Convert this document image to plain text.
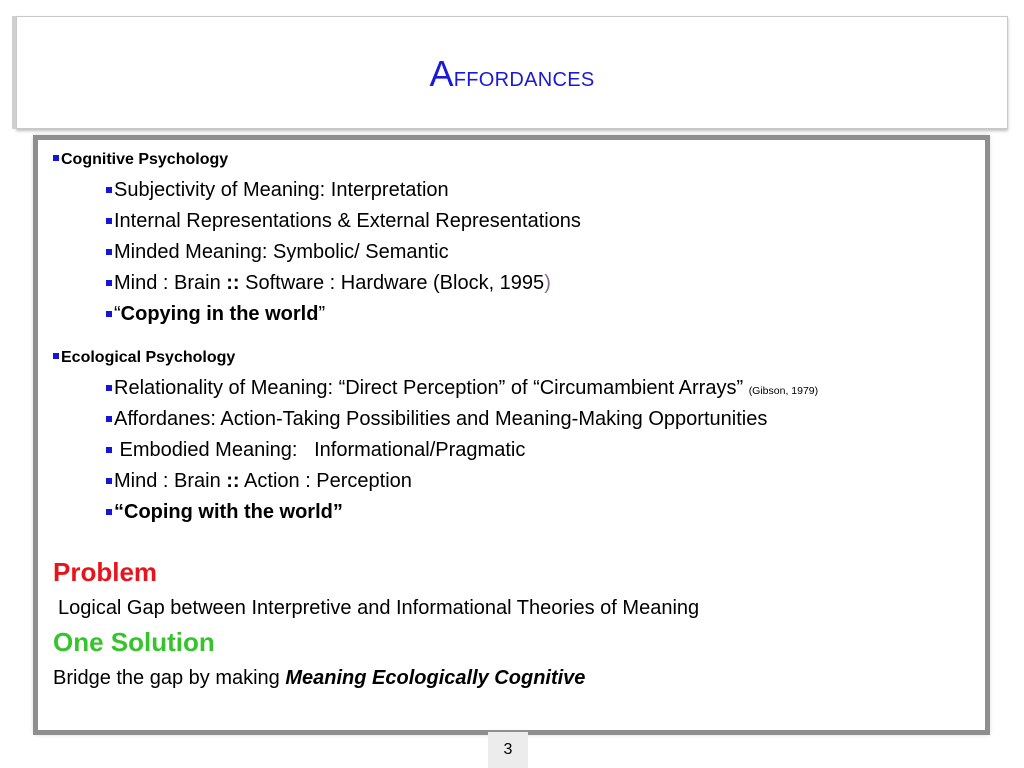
Affordances
Cognitive Psychology
Subjectivity of Meaning: Interpretation
Internal Representations & External Representations
Minded Meaning: Symbolic/ Semantic
Mind : Brain :: Software : Hardware (Block, 1995)
“Copying in the world”
Ecological Psychology
Relationality of Meaning: “Direct Perception” of “Circumambient Arrays” (Gibson, 1979)
Affordanes: Action-Taking Possibilities and Meaning-Making Opportunities
Embodied Meaning:   Informational/Pragmatic
Mind : Brain :: Action : Perception
“Coping with the world”
Problem
Logical Gap between Interpretive and Informational Theories of Meaning
One Solution
Bridge the gap by making Meaning Ecologically Cognitive
3
